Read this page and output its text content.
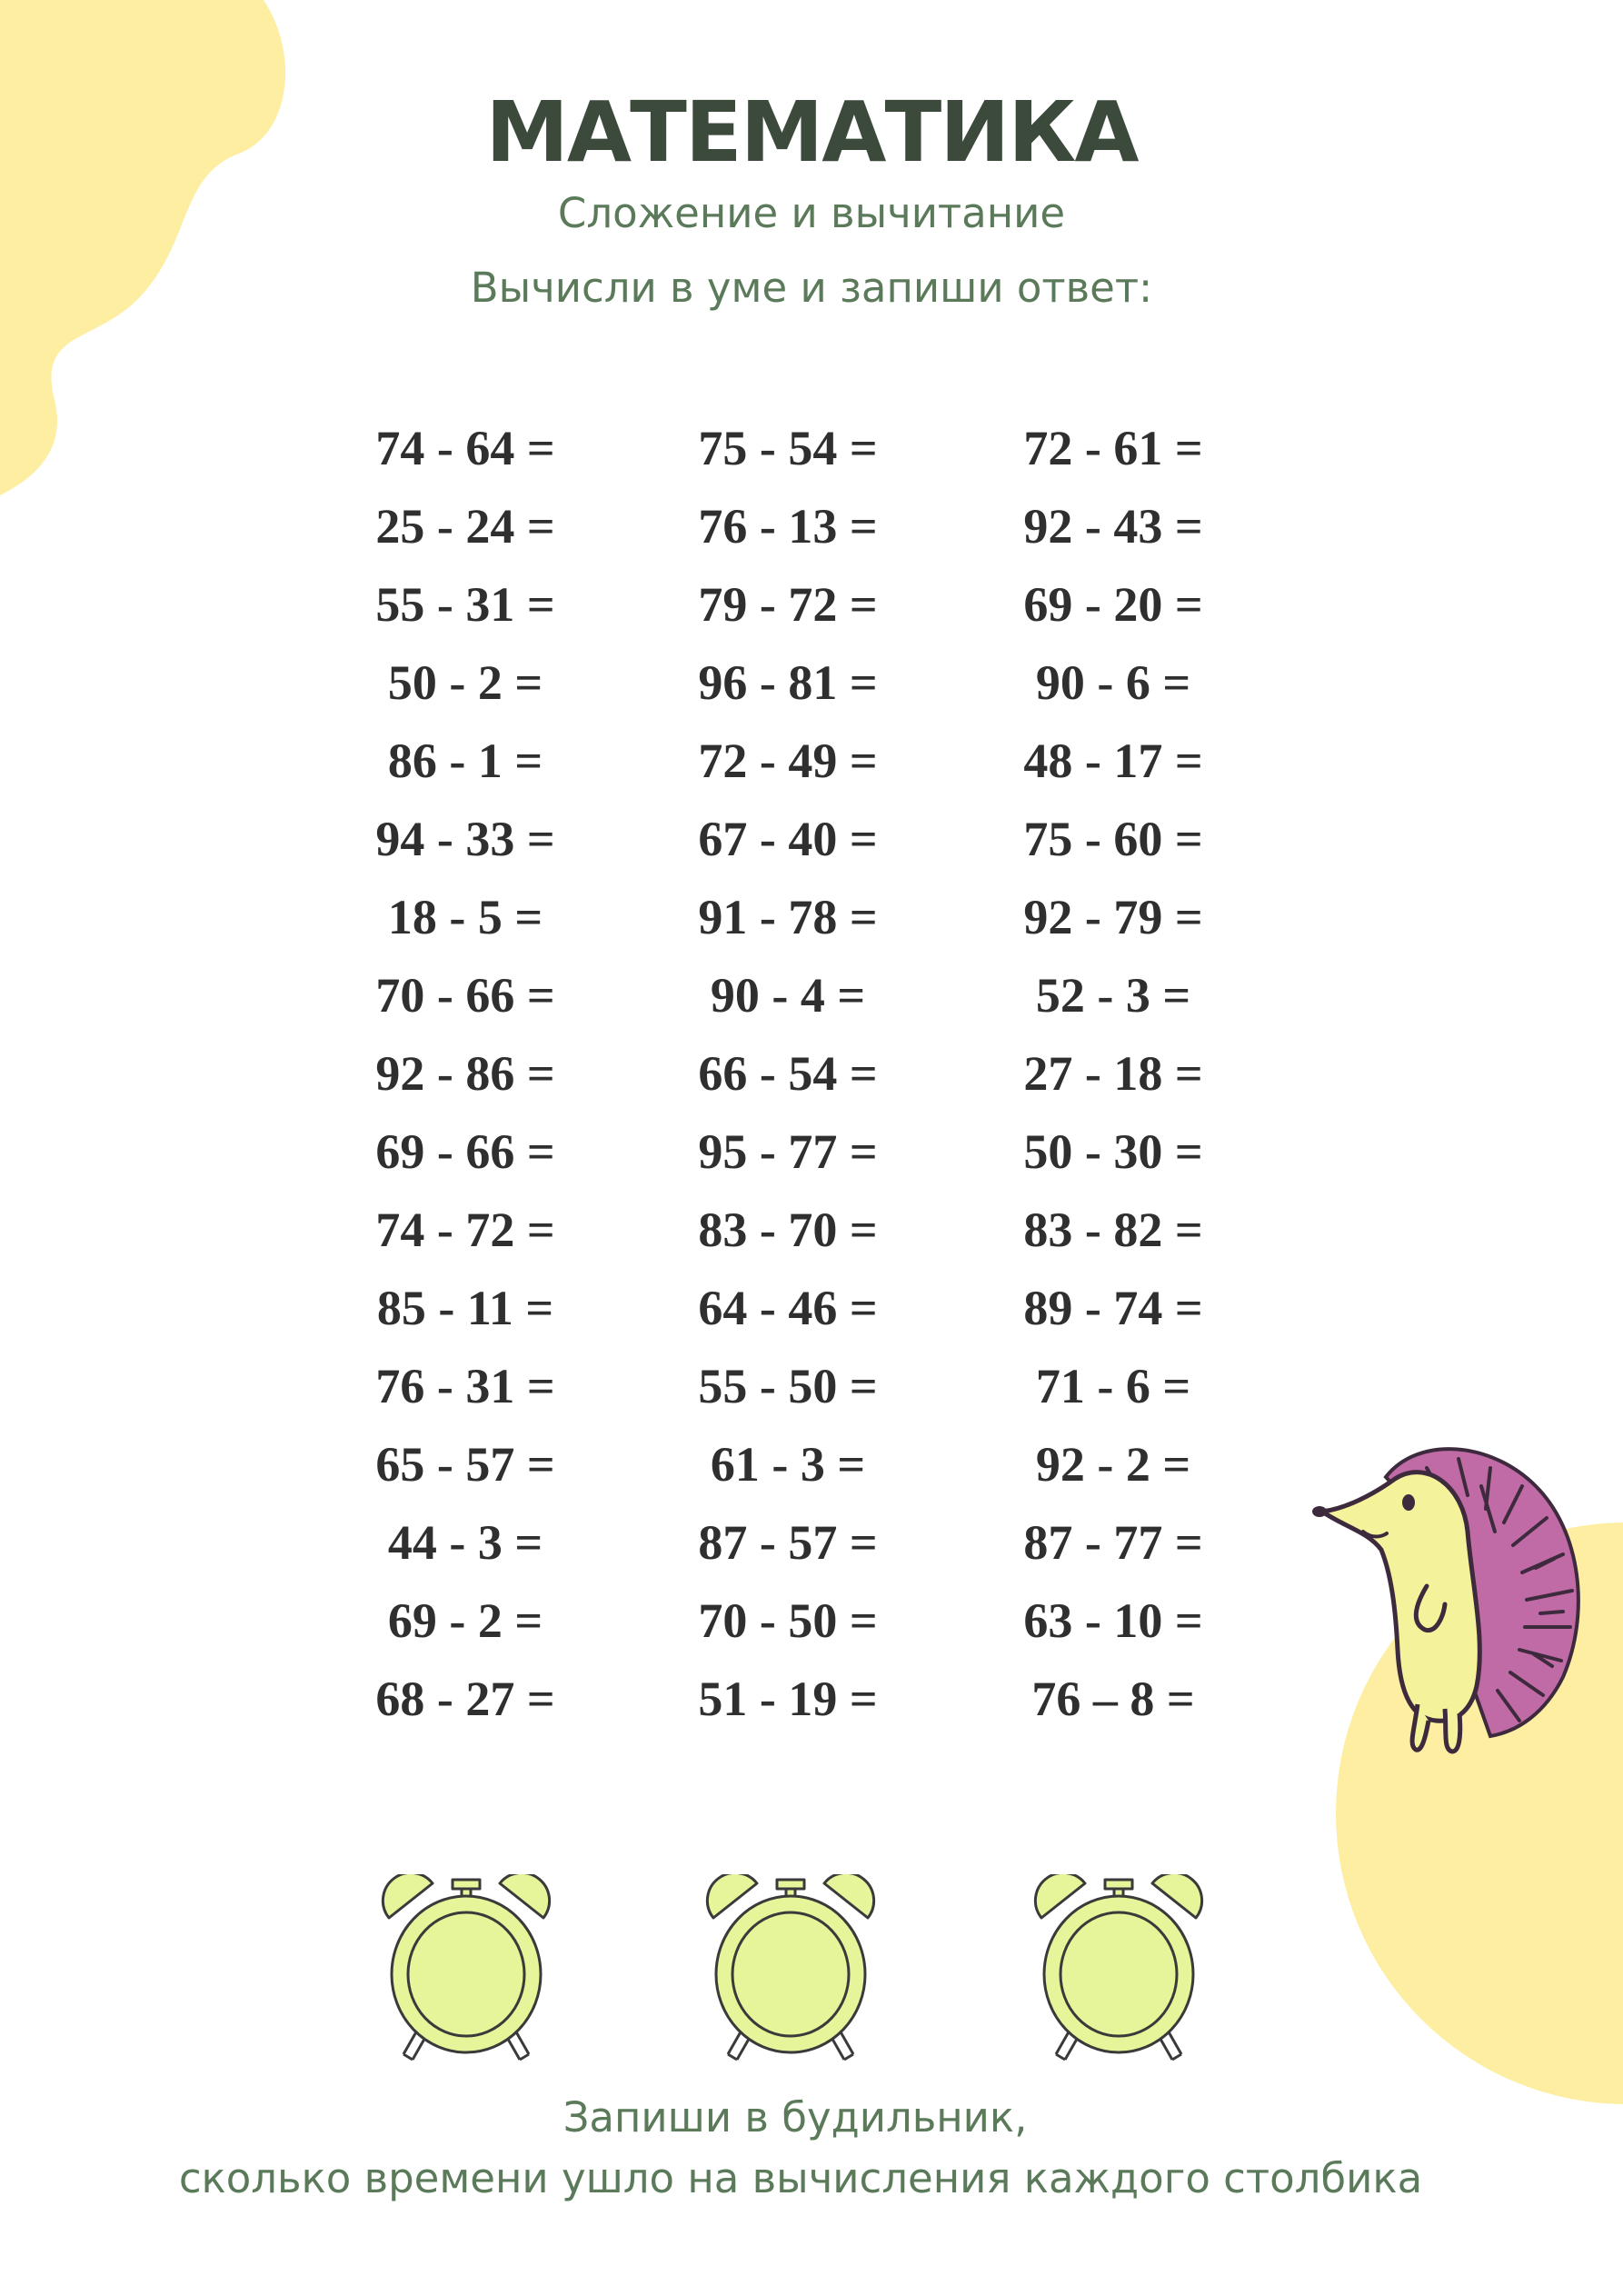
МАТЕМАТИКА
Сложение и вычитание
Вычисли в уме и запиши ответ:
74 - 64 =
25 - 24 =
55 - 31 =
50 - 2 =
86 - 1 =
94 - 33 =
18 - 5 =
70 - 66 =
92 - 86 =
69 - 66 =
74 - 72 =
85 - 11 =
76 - 31 =
65 - 57 =
44 - 3 =
69 - 2 =
68 - 27 =
75 - 54 =
76 - 13 =
79 - 72 =
96 - 81 =
72 - 49 =
67 - 40 =
91 - 78 =
90 - 4 =
66 - 54 =
95 - 77 =
83 - 70 =
64 - 46 =
55 - 50 =
61 - 3 =
87 - 57 =
70 - 50 =
51 - 19 =
72 - 61 =
92 - 43 =
69 - 20 =
90 - 6 =
48 - 17 =
75 - 60 =
92 - 79 =
52 - 3 =
27 - 18 =
50 - 30 =
83 - 82 =
89 - 74 =
71 - 6 =
92 - 2 =
87 - 77 =
63 - 10 =
76 – 8 =
Запиши в будильник,
сколько времени ушло на вычисления каждого столбика
